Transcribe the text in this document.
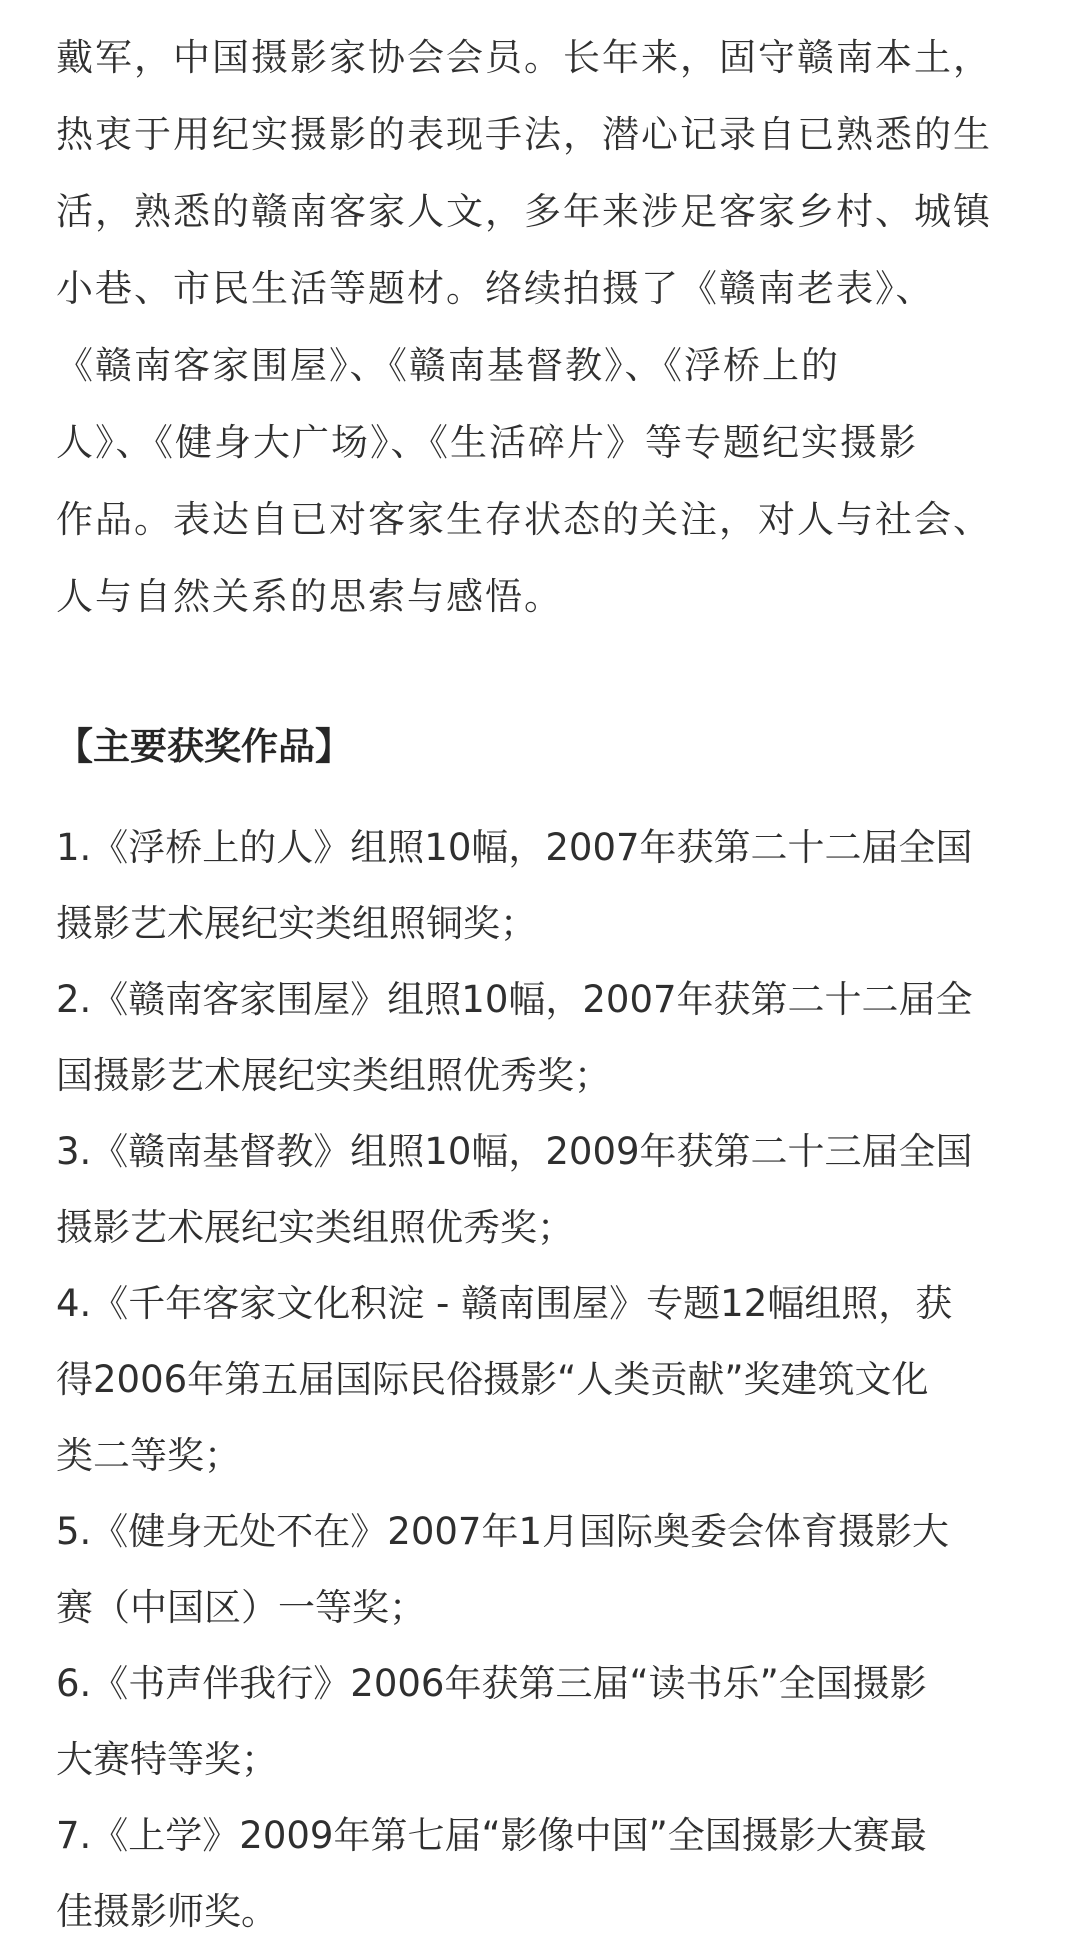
戴军，中国摄影家协会会员。长年来，固守赣南本土，
热衷于用纪实摄影的表现手法，潜心记录自已熟悉的生
活，熟悉的赣南客家人文，多年来涉足客家乡村、城镇
小巷、市民生活等题材。络续拍摄了《赣南老表》、
《赣南客家围屋》、《赣南基督教》、《浮桥上的
人》、《健身大广场》、《生活碎片》等专题纪实摄影
作品。表达自已对客家生存状态的关注，对人与社会、
人与自然关系的思索与感悟。
【主要获奖作品】
1.《浮桥上的人》组照10幅，2007年获第二十二届全国
摄影艺术展纪实类组照铜奖；
2.《赣南客家围屋》组照10幅，2007年获第二十二届全
国摄影艺术展纪实类组照优秀奖；
3.《赣南基督教》组照10幅，2009年获第二十三届全国
摄影艺术展纪实类组照优秀奖；
4.《千年客家文化积淀 - 赣南围屋》专题12幅组照，获
得2006年第五届国际民俗摄影“人类贡献”奖建筑文化
类二等奖；
5.《健身无处不在》2007年1月国际奥委会体育摄影大
赛（中国区）一等奖；
6.《书声伴我行》2006年获第三届“读书乐”全国摄影
大赛特等奖；
7.《上学》2009年第七届“影像中国”全国摄影大赛最
佳摄影师奖。
